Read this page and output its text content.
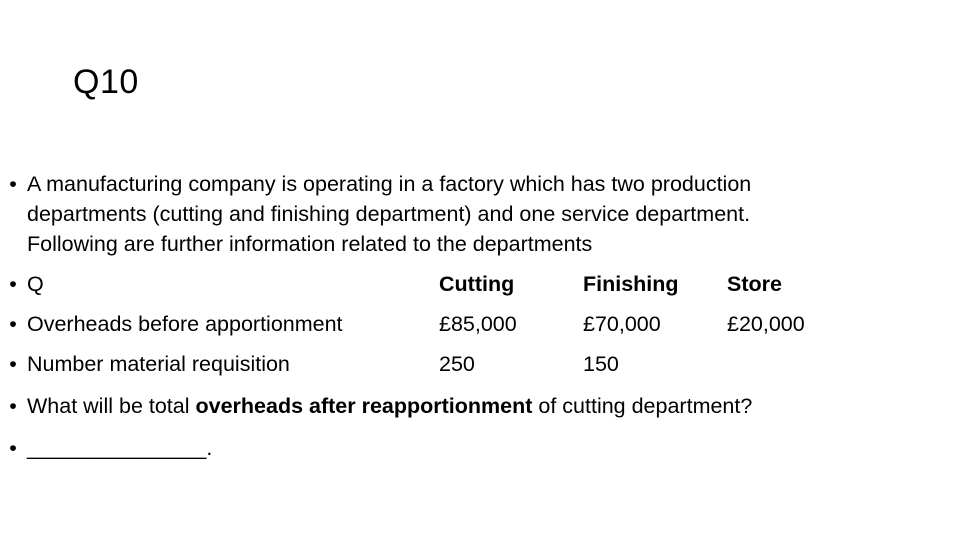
Q10
• A manufacturing company is operating in a factory which has two production
departments (cutting and finishing department) and one service department.
Following are further information related to the departments
• Q	Cutting	Finishing Store
• Overheads before apportionment	£85,000	£70,000	£20,000
• Number material requisition	250	150
• What will be total overheads after reapportionment of cutting department?
• _______________.
